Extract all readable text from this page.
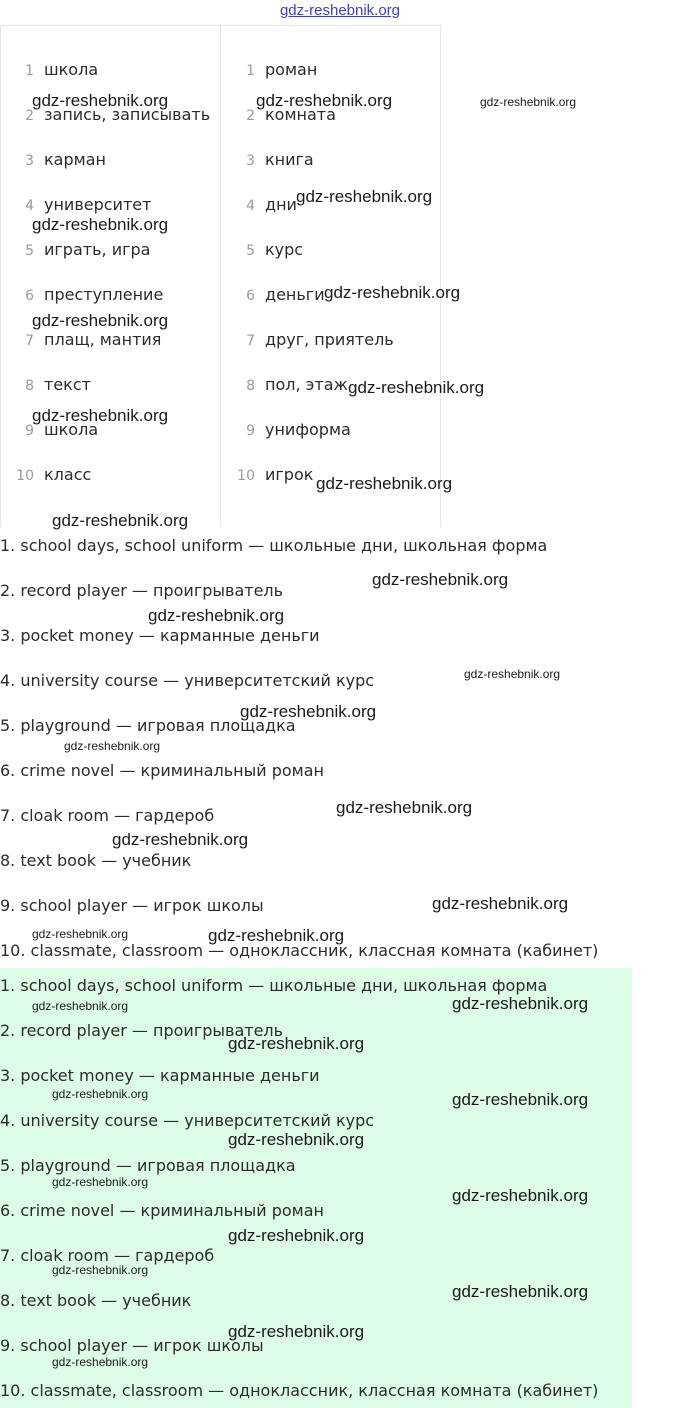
gdz-reshebnik.org
1 школа
2 запись, записывать
3 карман
4 университет
5 играть, игра
6 преступление
7 плащ, мантия
8 текст
9 школа
10 класс
1 роман
2 комната
3 книга
4 дни
5 курс
6 деньги
7 друг, приятель
8 пол, этаж
9 униформа
10 игрок
1. school days, school uniform — школьные дни, школьная форма
2. record player — проигрыватель
3. pocket money — карманные деньги
4. university course — университетский курс
5. playground — игровая площадка
6. crime novel — криминальный роман
7. cloak room — гардероб
8. text book — учебник
9. school player — игрок школы
10. classmate, classroom — одноклассник, классная комната (кабинет)
1. school days, school uniform — школьные дни, школьная форма
2. record player — проигрыватель
3. pocket money — карманные деньги
4. university course — университетский курс
5. playground — игровая площадка
6. crime novel — криминальный роман
7. cloak room — гардероб
8. text book — учебник
9. school player — игрок школы
10. classmate, classroom — одноклассник, классная комната (кабинет)
gdz-reshebnik.org	gdz-reshebnik.org	gdz-reshebnik.org
gdz-reshebnik.org
gdz-reshebnik.org
gdz-reshebnik.org
gdz-reshebnik.org
gdz-reshebnik.org
gdz-reshebnik.org
gdz-reshebnik.org
gdz-reshebnik.org
gdz-reshebnik.org
gdz-reshebnik.org
gdz-reshebnik.org
gdz-reshebnik.org
gdz-reshebnik.org
gdz-reshebnik.org
gdz-reshebnik.org
gdz-reshebnik.org
gdz-reshebnik.org	gdz-reshebnik.org
gdz-reshebnik.org	gdz-reshebnik.org
gdz-reshebnik.org
gdz-reshebnik.org	gdz-reshebnik.org
gdz-reshebnik.org
gdz-reshebnik.org
gdz-reshebnik.org
gdz-reshebnik.org
gdz-reshebnik.org
gdz-reshebnik.org
gdz-reshebnik.org
gdz-reshebnik.org
